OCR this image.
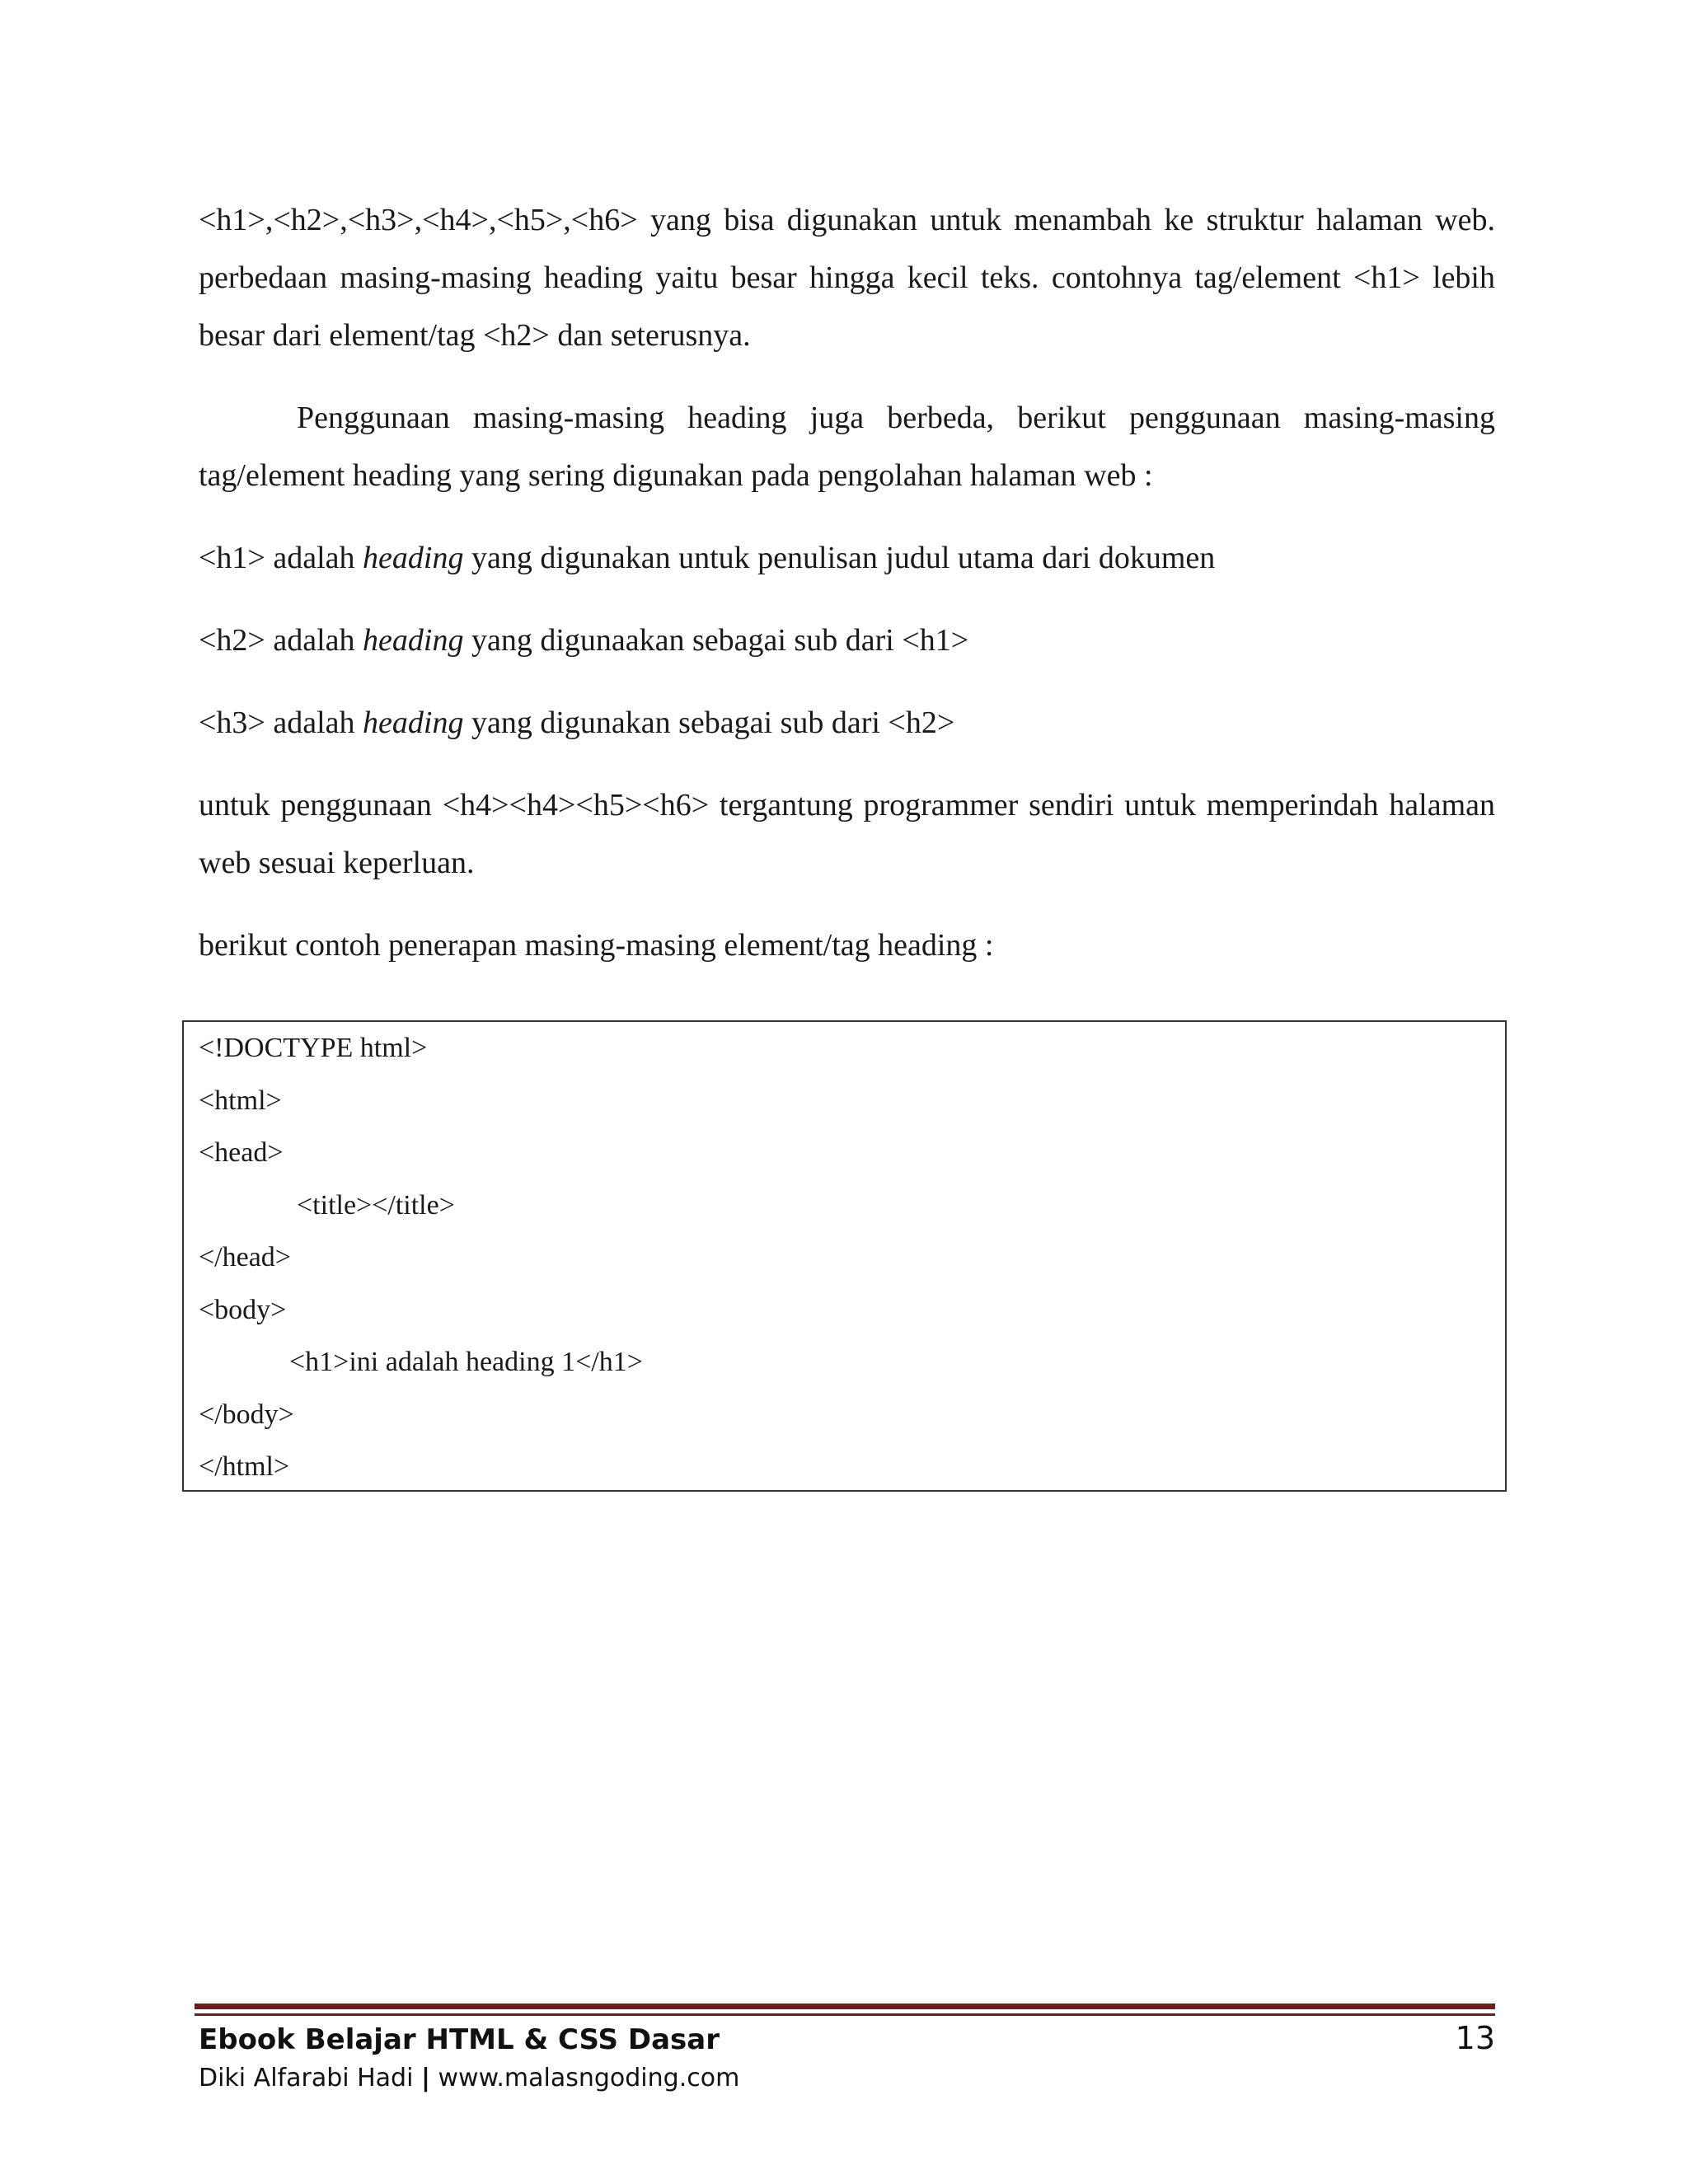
<h1>,<h2>,<h3>,<h4>,<h5>,<h6> yang bisa digunakan untuk menambah ke struktur halaman web. perbedaan masing-masing heading yaitu besar hingga kecil teks. contohnya tag/element <h1> lebih besar dari element/tag <h2> dan seterusnya.

Penggunaan masing-masing heading juga berbeda, berikut penggunaan masing-masing tag/element heading yang sering digunakan pada pengolahan halaman web :

<h1> adalah heading yang digunakan untuk penulisan judul utama dari dokumen

<h2> adalah heading yang digunaakan sebagai sub dari <h1>

<h3> adalah heading yang digunakan sebagai sub dari <h2>

untuk penggunaan <h4><h4><h5><h6> tergantung programmer sendiri untuk memperindah halaman web sesuai keperluan.

berikut contoh penerapan masing-masing element/tag heading :

<!DOCTYPE html>
<html>
<head>
<title></title>
</head>
<body>
<h1>ini adalah heading 1</h1>
</body>
</html>
Ebook Belajar HTML & CSS Dasar	13
Diki Alfarabi Hadi | www.malasngoding.com
